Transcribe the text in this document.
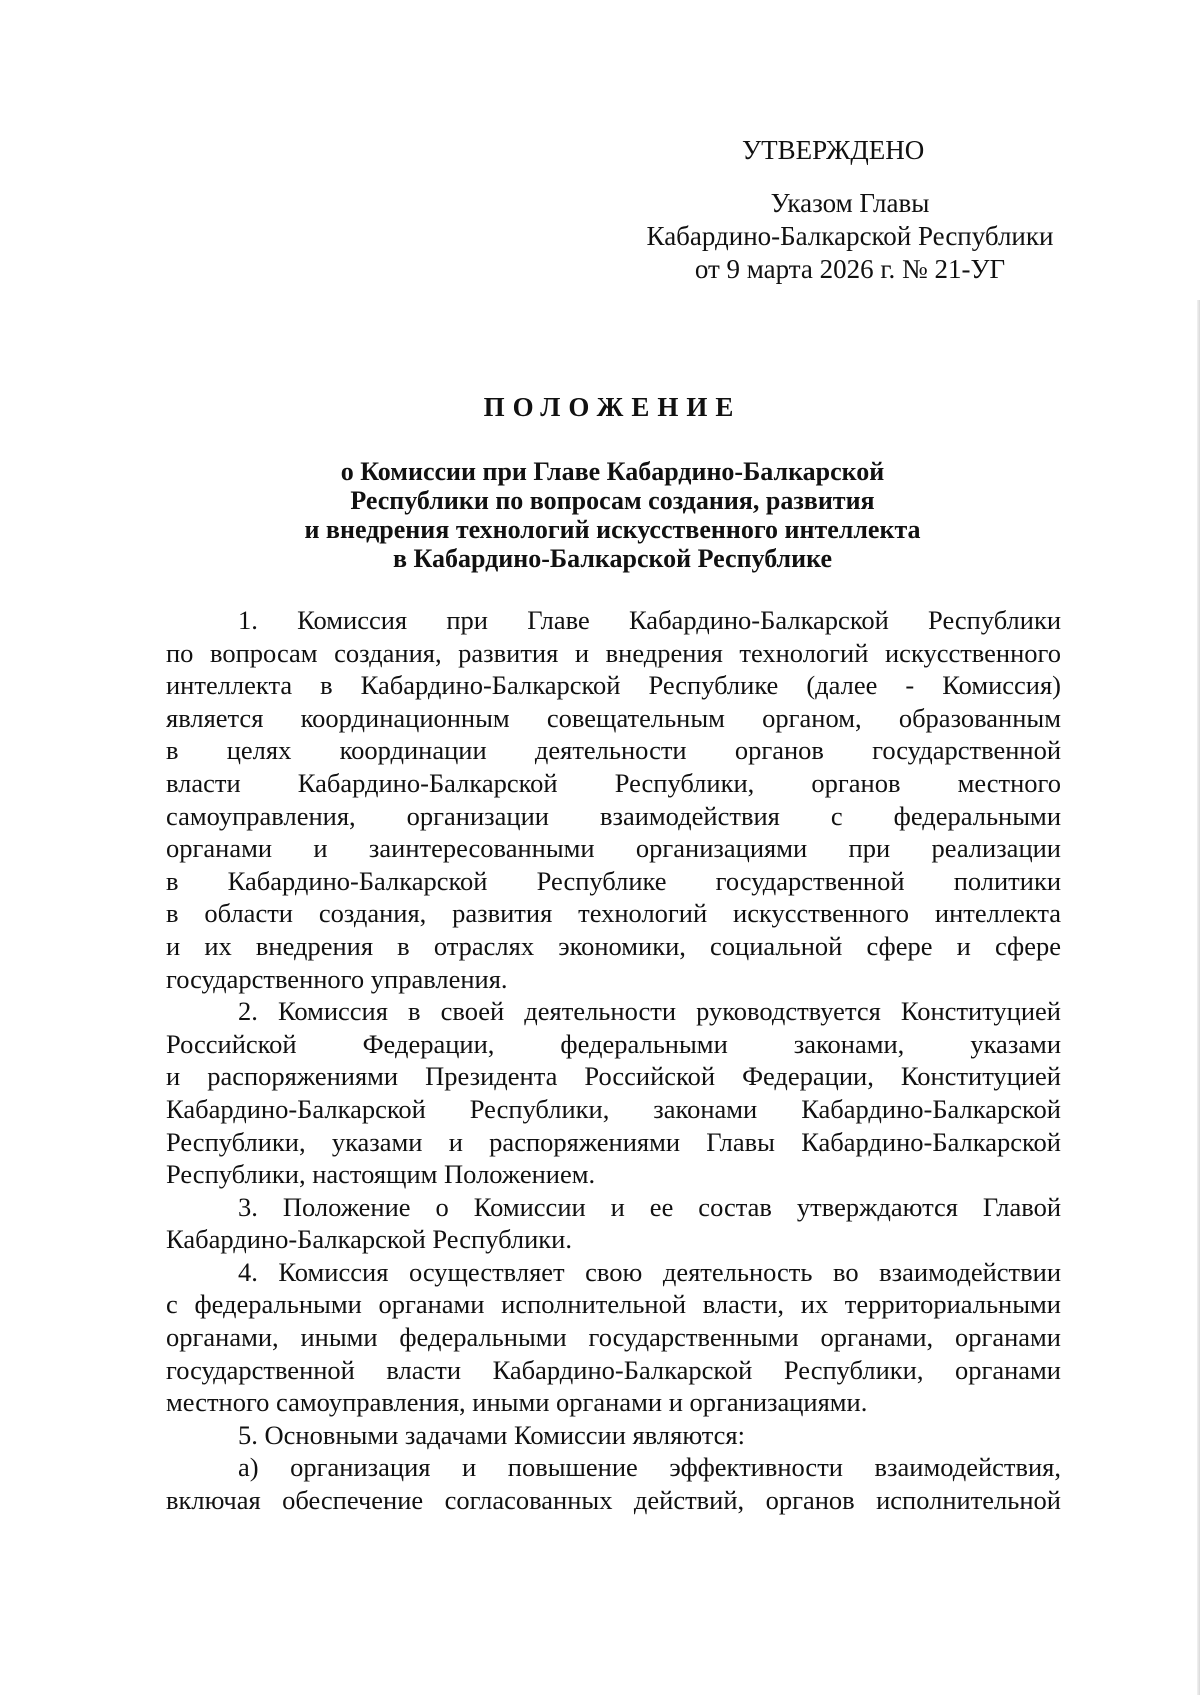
УТВЕРЖДЕНО
Указом Главы
Кабардино-Балкарской Республики
от 9 марта 2026 г. № 21-УГ
ПОЛОЖЕНИЕ
о Комиссии при Главе Кабардино-Балкарской
Республики по вопросам создания, развития
и внедрения технологий искусственного интеллекта
в Кабардино-Балкарской Республике
1. Комиссия при Главе Кабардино-Балкарской Республики
по вопросам создания, развития и внедрения технологий искусственного
интеллекта в Кабардино-Балкарской Республике (далее - Комиссия)
является координационным совещательным органом, образованным
в целях координации деятельности органов государственной
власти Кабардино-Балкарской Республики, органов местного
самоуправления, организации взаимодействия с федеральными
органами и заинтересованными организациями при реализации
в Кабардино-Балкарской Республике государственной политики
в области создания, развития технологий искусственного интеллекта
и их внедрения в отраслях экономики, социальной сфере и сфере
государственного управления.
2. Комиссия в своей деятельности руководствуется Конституцией
Российской Федерации, федеральными законами, указами
и распоряжениями Президента Российской Федерации, Конституцией
Кабардино-Балкарской Республики, законами Кабардино-Балкарской
Республики, указами и распоряжениями Главы Кабардино-Балкарской
Республики, настоящим Положением.
3. Положение о Комиссии и ее состав утверждаются Главой
Кабардино-Балкарской Республики.
4. Комиссия осуществляет свою деятельность во взаимодействии
с федеральными органами исполнительной власти, их территориальными
органами, иными федеральными государственными органами, органами
государственной власти Кабардино-Балкарской Республики, органами
местного самоуправления, иными органами и организациями.
5. Основными задачами Комиссии являются:
а) организация и повышение эффективности взаимодействия,
включая обеспечение согласованных действий, органов исполнительной
